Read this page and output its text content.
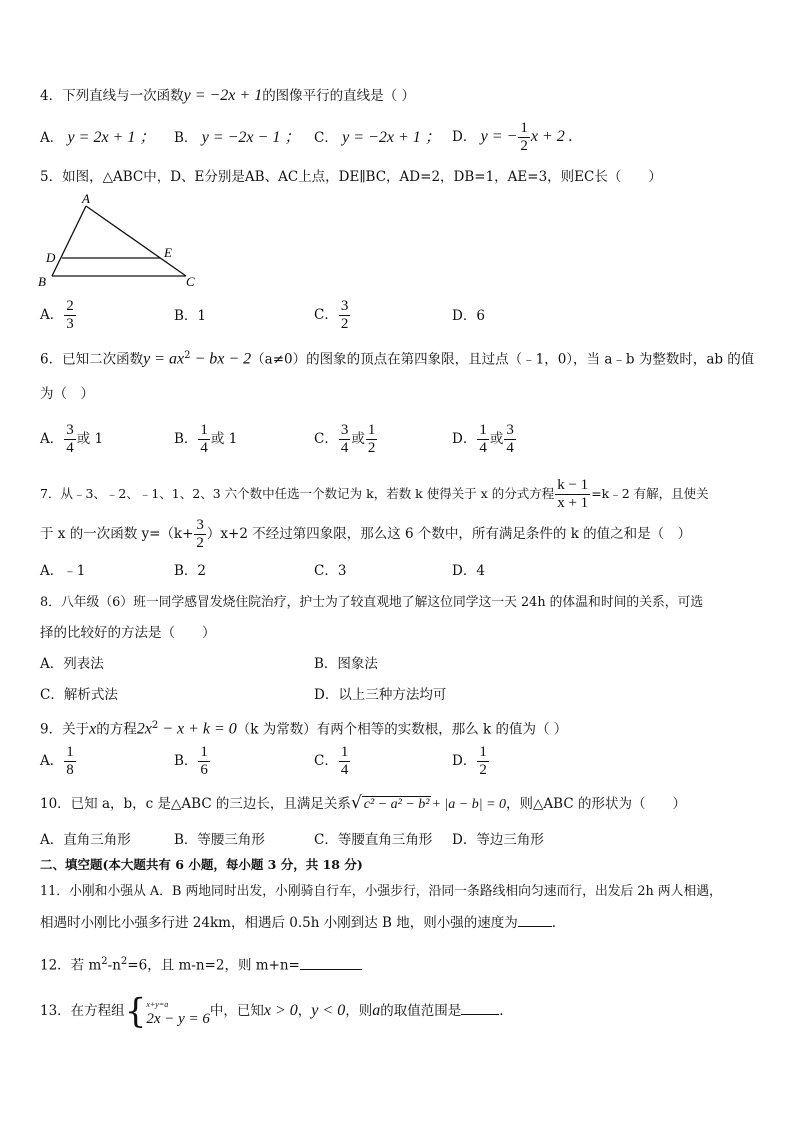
4．下列直线与一次函数y = −2x + 1的图像平行的直线是（ ）
A． y = 2x + 1 ； B． y = −2x − 1 ； C． y = −2x + 1 ； D． y = − $\frac{1}{2}$ x + 2 .
5．如图，△ABC中，D、E分别是AB、AC上点，DE∥BC，AD=2，DB=1，AE=3，则EC长（　　）
A
D	E
B	C
A． $\frac{2}{3}$	B．1	C． $\frac{3}{2}$	D．6
6．已知二次函数$y = ax^2$ − bx − 2（a≠0）的图象的顶点在第四象限，且过点（﹣1，0），当 a﹣b 为整数时，ab 的值
为（　）
A． $\frac{3}{4}$ 或 1	B． $\frac{1}{4}$ 或 1	C． $\frac{3}{4}$ 或 $\frac{1}{2}$	D． $\frac{1}{4}$ 或 $\frac{3}{4}$
7．从﹣3、﹣2、﹣1、1、2、3 六个数中任选一个数记为 k，若数 k 使得关于 x 的分式方程 $\frac{k - 1}{x + 1}$ =k﹣2 有解，且使关
于 x 的一次函数 $y=(k+ \frac{3}{2} )x+2$ 不经过第四象限，那么这 6 个数中，所有满足条件的 k 的值之和是（　）
A．﹣1	B．2	C．3	D．4
8．八年级（6）班一同学感冒发烧住院治疗，护士为了较直观地了解这位同学这一天 24h 的体温和时间的关系，可选
择的比较好的方法是（　　）
A．列表法	B．图象法
C．解析式法	D．以上三种方法均可
9．关于x的方程$2x^2 - x + k = 0(k$ 为常数）有两个相等的实数根，那么 k 的值为（ ）
A． $\frac{1}{8}$	B． $\frac{1}{6}$	C． $\frac{1}{4}$	D． $\frac{1}{2}$
10．已知 a，b，c 是△ABC 的三边长，且满足关系√ c² − a² − b² + |a − b| = 0，则△ABC 的形状为（　　）
A．直角三角形	B．等腰三角形	C．等腰直角三角形 D．等边三角形
二、填空题(本大题共有 6 小题，每小题 3 分，共 18 分)
11．小刚和小强从 A．B 两地同时出发，小刚骑自行车，小强步行，沿同一条路线相向匀速而行，出发后 2h 两人相遇，
相遇时小刚比小强多行进 24km，相遇后 0.5h 小刚到达 B 地，则小强的速度为	.
12．若 $m^2-n^2=6$，且 m-n=2，则 m+n=
13．在方程组{ x+y=a
2x − y = 6 中，已知x > 0，y < 0，则a的取值范围是	.
